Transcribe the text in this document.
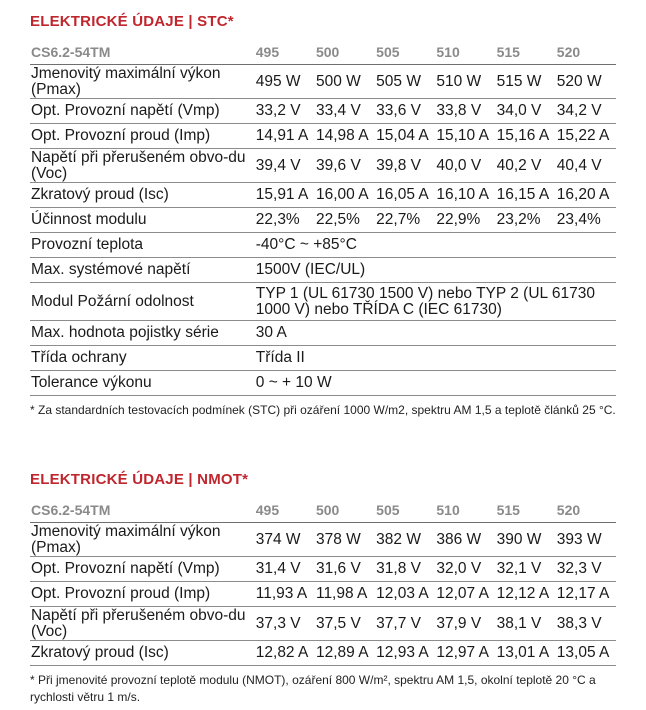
ELEKTRICKÉ ÚDAJE | STC*
CS6.2-54TM	495	500	505	510	515	520
Jmenovitý maximální výkon (Pmax)	495 W	500 W	505 W	510 W	515 W	520 W
Opt. Provozní napětí (Vmp)	33,2 V	33,4 V	33,6 V	33,8 V	34,0 V	34,2 V
Opt. Provozní proud (Imp)	14,91 A	14,98 A	15,04 A	15,10 A	15,16 A	15,22 A
Napětí při přerušeném obvo-du (Voc)	39,4 V	39,6 V	39,8 V	40,0 V	40,2 V	40,4 V
Zkratový proud (Isc)	15,91 A	16,00 A	16,05 A	16,10 A	16,15 A	16,20 A
Účinnost modulu	22,3%	22,5%	22,7%	22,9%	23,2%	23,4%
Provozní teplota	-40°C ~ +85°C					
Max. systémové napětí	1500V (IEC/UL)					
Modul Požární odolnost	TYP 1 (UL 61730 1500 V) nebo TYP 2 (UL 61730 1000 V) nebo TŘÍDA C (IEC 61730)					
Max. hodnota pojistky série	30 A					
Třída ochrany	Třída II					
Tolerance výkonu	0 ~ + 10 W					
* Za standardních testovacích podmínek (STC) při ozáření 1000 W/m2, spektru AM 1,5 a teplotě článků 25 °C.
ELEKTRICKÉ ÚDAJE | NMOT*
CS6.2-54TM	495	500	505	510	515	520
Jmenovitý maximální výkon (Pmax)	374 W	378 W	382 W	386 W	390 W	393 W
Opt. Provozní napětí (Vmp)	31,4 V	31,6 V	31,8 V	32,0 V	32,1 V	32,3 V
Opt. Provozní proud (Imp)	11,93 A	11,98 A	12,03 A	12,07 A	12,12 A	12,17 A
Napětí při přerušeném obvo-du (Voc)	37,3 V	37,5 V	37,7 V	37,9 V	38,1 V	38,3 V
Zkratový proud (Isc)	12,82 A	12,89 A	12,93 A	12,97 A	13,01 A	13,05 A
* Při jmenovité provozní teplotě modulu (NMOT), ozáření 800 W/m², spektru AM 1,5, okolní teplotě 20 °C a rychlosti větru 1 m/s.
